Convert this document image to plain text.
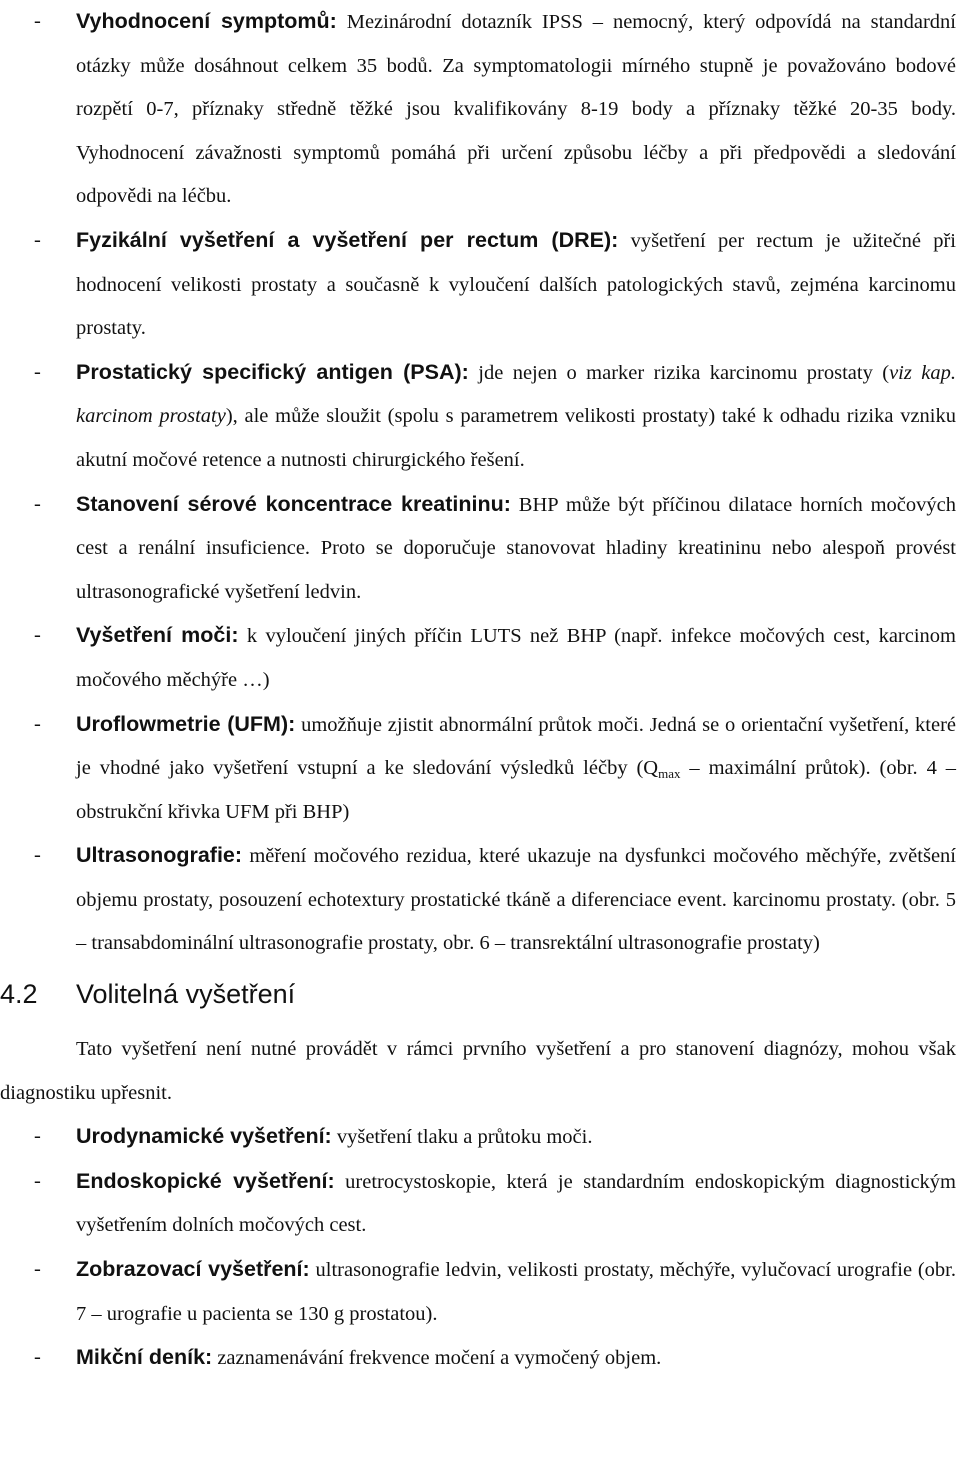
- Vyhodnocení symptomů: Mezinárodní dotazník IPSS – nemocný, který odpovídá na standardní otázky může dosáhnout celkem 35 bodů. Za symptomatologii mírného stupně je považováno bodové rozpětí 0-7, příznaky středně těžké jsou kvalifikovány 8-19 body a příznaky těžké 20-35 body. Vyhodnocení závažnosti symptomů pomáhá při určení způsobu léčby a při předpovědi a sledování odpovědi na léčbu.
- Fyzikální vyšetření a vyšetření per rectum (DRE): vyšetření per rectum je užitečné při hodnocení velikosti prostaty a současně k vyloučení dalších patologických stavů, zejména karcinomu prostaty.
- Prostatický specifický antigen (PSA): jde nejen o marker rizika karcinomu prostaty (viz kap. karcinom prostaty), ale může sloužit (spolu s parametrem velikosti prostaty) také k odhadu rizika vzniku akutní močové retence a nutnosti chirurgického řešení.
- Stanovení sérové koncentrace kreatininu: BHP může být příčinou dilatace horních močových cest a renální insuficience. Proto se doporučuje stanovovat hladiny kreatininu nebo alespoň provést ultrasonografické vyšetření ledvin.
- Vyšetření moči: k vyloučení jiných příčin LUTS než BHP (např. infekce močových cest, karcinom močového měchýře …)
- Uroflowmetrie (UFM): umožňuje zjistit abnormální průtok moči. Jedná se o orientační vyšetření, které je vhodné jako vyšetření vstupní a ke sledování výsledků léčby ($Q_{max}$ – maximální průtok). (obr. 4 – obstrukční křivka UFM při BHP)
- Ultrasonografie: měření močového rezidua, které ukazuje na dysfunkci močového měchýře, zvětšení objemu prostaty, posouzení echotextury prostatické tkáně a diferenciace event. karcinomu prostaty. (obr. 5 – transabdominální ultrasonografie prostaty, obr. 6 – transrektální ultrasonografie prostaty)
4.2 Volitelná vyšetření
Tato vyšetření není nutné provádět v rámci prvního vyšetření a pro stanovení diagnózy, mohou však diagnostiku upřesnit.
- Urodynamické vyšetření: vyšetření tlaku a průtoku moči.
- Endoskopické vyšetření: uretrocystoskopie, která je standardním endoskopickým diagnostickým vyšetřením dolních močových cest.
- Zobrazovací vyšetření: ultrasonografie ledvin, velikosti prostaty, měchýře, vylučovací urografie (obr. 7 – urografie u pacienta se 130 g prostatou).
- Mikční deník: zaznamenávání frekvence močení a vymočený objem.
